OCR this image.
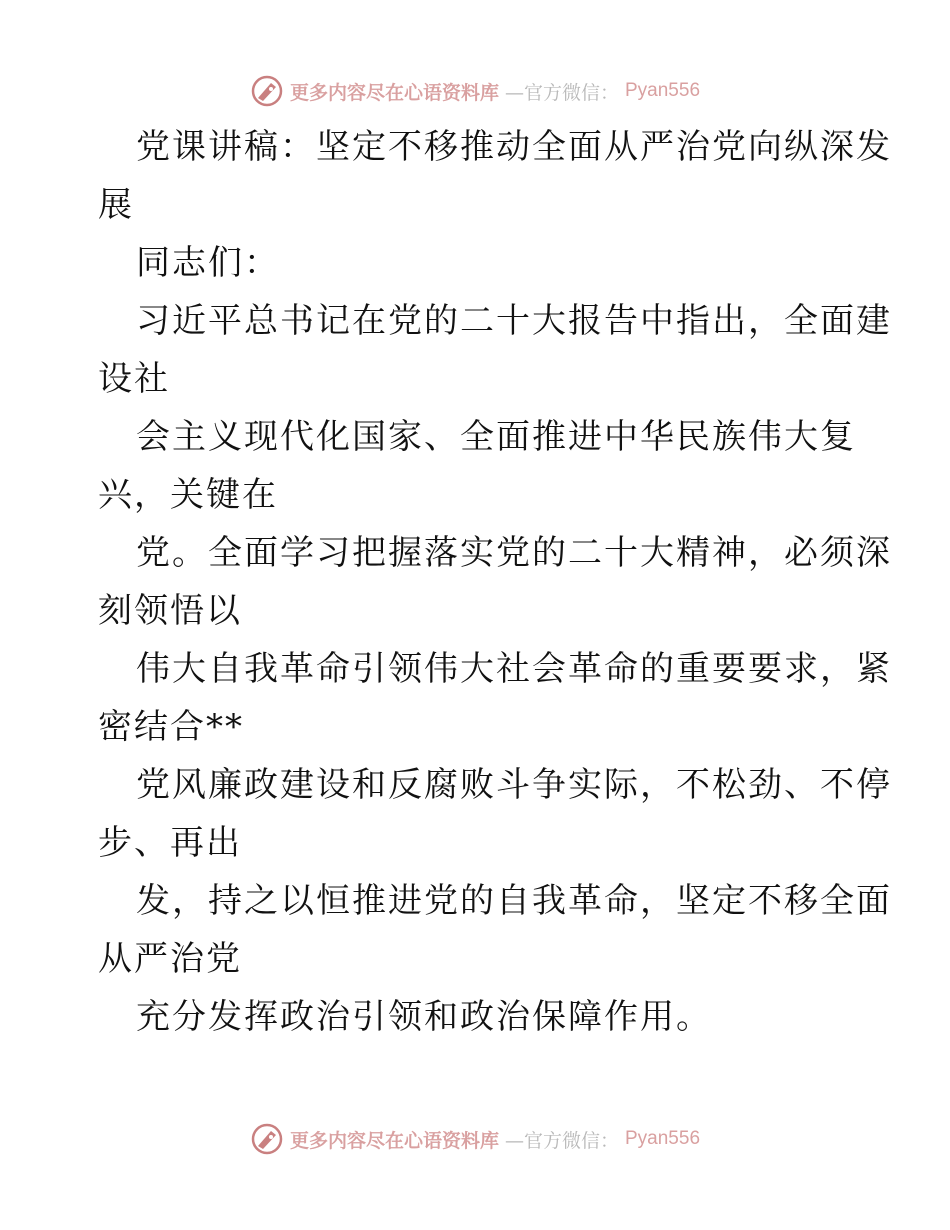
更多内容尽在心语资料库 —官方微信： Pyan556
党课讲稿：坚定不移推动全面从严治党向纵深发
展
同志们：
习近平总书记在党的二十大报告中指出，全面建
设社
会主义现代化国家、全面推进中华民族伟大复
兴，关键在
党。全面学习把握落实党的二十大精神，必须深
刻领悟以
伟大自我革命引领伟大社会革命的重要要求，紧
密结合**
党风廉政建设和反腐败斗争实际，不松劲、不停
步、再出
发，持之以恒推进党的自我革命，坚定不移全面
从严治党
充分发挥政治引领和政治保障作用。
更多内容尽在心语资料库 —官方微信： Pyan556
